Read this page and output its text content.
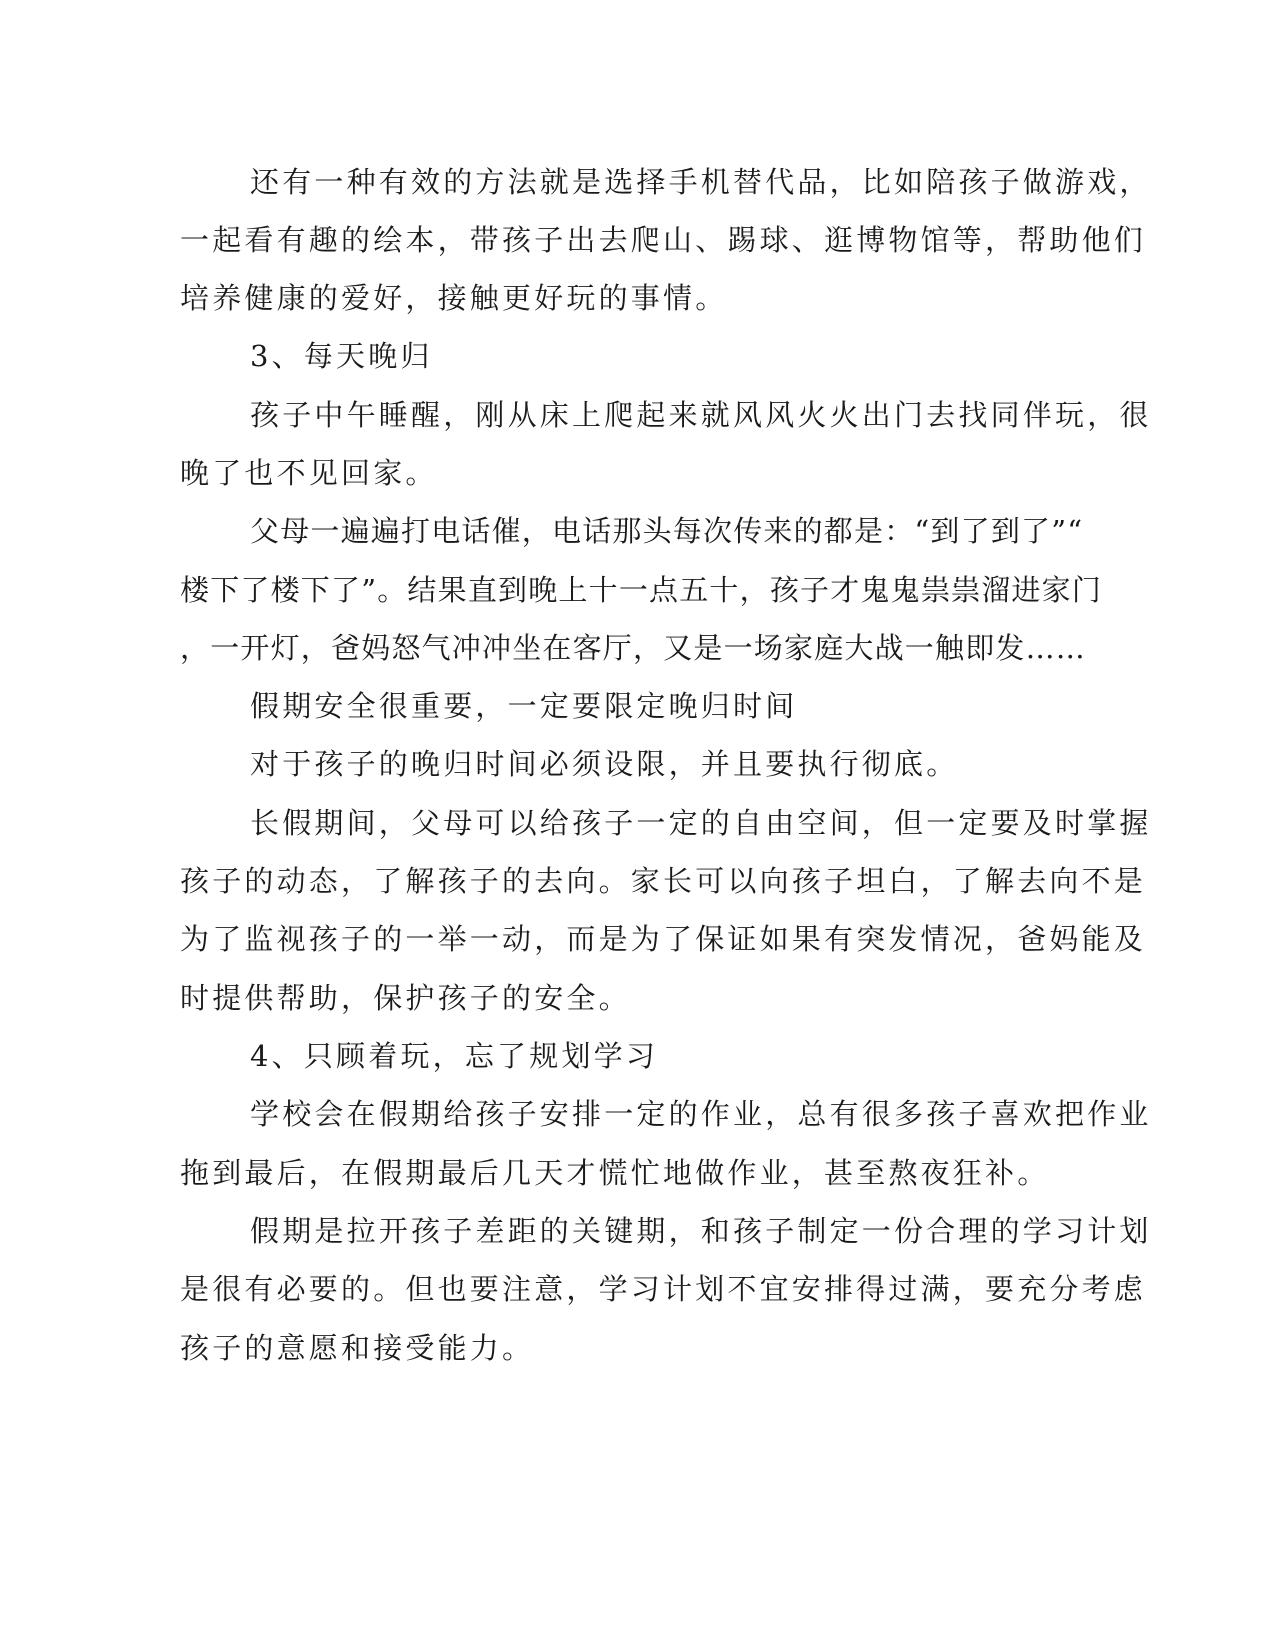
还有一种有效的方法就是选择手机替代品，比如陪孩子做游戏，

一起看有趣的绘本，带孩子出去爬山、踢球、逛博物馆等，帮助他们

培养健康的爱好，接触更好玩的事情。

3、每天晚归

孩子中午睡醒，刚从床上爬起来就风风火火出门去找同伴玩，很

晚了也不见回家。

父母一遍遍打电话催，电话那头每次传来的都是：“到了到了”“

楼下了楼下了”。结果直到晚上十一点五十，孩子才鬼鬼祟祟溜进家门

，一开灯，爸妈怒气冲冲坐在客厅，又是一场家庭大战一触即发……

假期安全很重要，一定要限定晚归时间

对于孩子的晚归时间必须设限，并且要执行彻底。

长假期间，父母可以给孩子一定的自由空间，但一定要及时掌握

孩子的动态，了解孩子的去向。家长可以向孩子坦白，了解去向不是

为了监视孩子的一举一动，而是为了保证如果有突发情况，爸妈能及

时提供帮助，保护孩子的安全。

4、只顾着玩，忘了规划学习

学校会在假期给孩子安排一定的作业，总有很多孩子喜欢把作业

拖到最后，在假期最后几天才慌忙地做作业，甚至熬夜狂补。

假期是拉开孩子差距的关键期，和孩子制定一份合理的学习计划

是很有必要的。但也要注意，学习计划不宜安排得过满，要充分考虑

孩子的意愿和接受能力。
